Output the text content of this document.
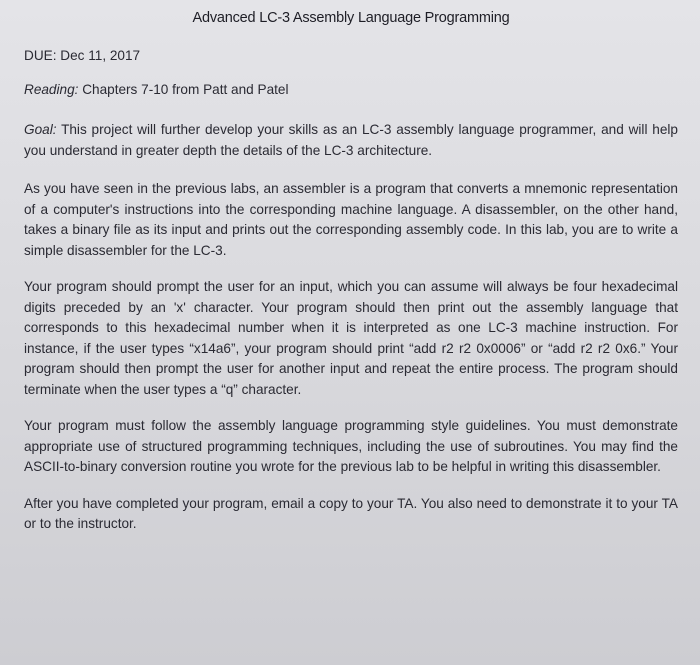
Advanced LC-3 Assembly Language Programming

DUE: Dec 11, 2017

Reading: Chapters 7-10 from Patt and Patel

Goal: This project will further develop your skills as an LC-3 assembly language programmer, and will help you understand in greater depth the details of the LC-3 architecture.

As you have seen in the previous labs, an assembler is a program that converts a mnemonic representation of a computer's instructions into the corresponding machine language. A disassembler, on the other hand, takes a binary file as its input and prints out the corresponding assembly code. In this lab, you are to write a simple disassembler for the LC-3.

Your program should prompt the user for an input, which you can assume will always be four hexadecimal digits preceded by an 'x' character. Your program should then print out the assembly language that corresponds to this hexadecimal number when it is interpreted as one LC-3 machine instruction. For instance, if the user types “x14a6”, your program should print “add r2 r2 0x0006” or “add r2 r2 0x6.” Your program should then prompt the user for another input and repeat the entire process. The program should terminate when the user types a “q” character.

Your program must follow the assembly language programming style guidelines. You must demonstrate appropriate use of structured programming techniques, including the use of subroutines. You may find the ASCII-to-binary conversion routine you wrote for the previous lab to be helpful in writing this disassembler.

After you have completed your program, email a copy to your TA. You also need to demonstrate it to your TA or to the instructor.
